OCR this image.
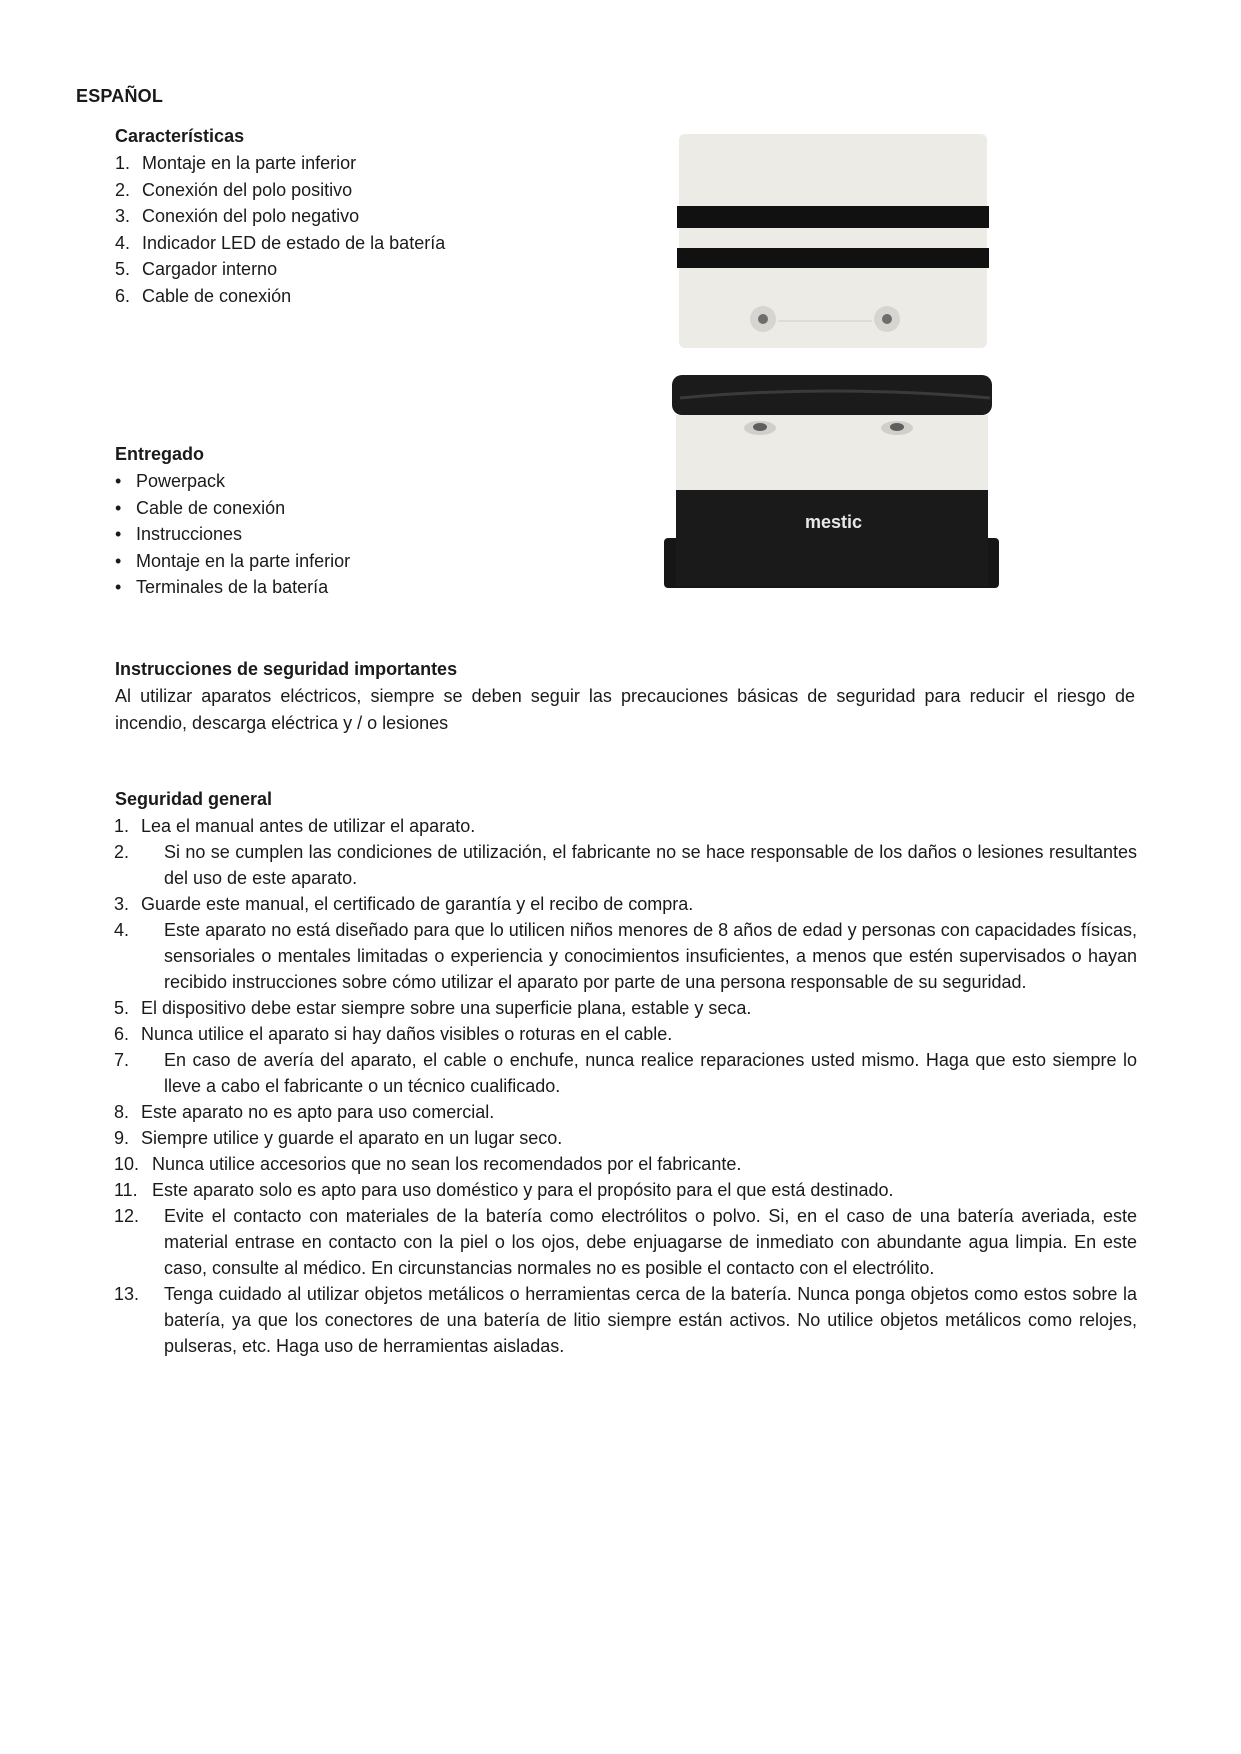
ESPAÑOL
Características
1. Montaje en la parte inferior
2. Conexión del polo positivo
3. Conexión del polo negativo
4. Indicador LED de estado de la batería
5. Cargador interno
6. Cable de conexión
Entregado
• Powerpack
• Cable de conexión
• Instrucciones
• Montaje en la parte inferior
• Terminales de la batería
mestic
Instrucciones de seguridad importantes

Al utilizar aparatos eléctricos, siempre se deben seguir las precauciones básicas de seguridad para reducir el riesgo de incendio, descarga eléctrica y / o lesiones

Seguridad general
1. Lea el manual antes de utilizar el aparato.
2.	Si no se cumplen las condiciones de utilización, el fabricante no se hace responsable de los daños o lesiones resultantes del uso de este aparato.
3. Guarde este manual, el certificado de garantía y el recibo de compra.
4.	Este aparato no está diseñado para que lo utilicen niños menores de 8 años de edad y personas con capacidades físicas, sensoriales o mentales limitadas o experiencia y conocimientos insuficientes, a menos que estén supervisados o hayan recibido instrucciones sobre cómo utilizar el aparato por parte de una persona responsable de su seguridad.
5. El dispositivo debe estar siempre sobre una superficie plana, estable y seca.
6. Nunca utilice el aparato si hay daños visibles o roturas en el cable.
7.	En caso de avería del aparato, el cable o enchufe, nunca realice reparaciones usted mismo. Haga que esto siempre lo lleve a cabo el fabricante o un técnico cualificado.
8. Este aparato no es apto para uso comercial.
9. Siempre utilice y guarde el aparato en un lugar seco.
10. Nunca utilice accesorios que no sean los recomendados por el fabricante.
11. Este aparato solo es apto para uso doméstico y para el propósito para el que está destinado.
12.	Evite el contacto con materiales de la batería como electrólitos o polvo. Si, en el caso de una batería averiada, este material entrase en contacto con la piel o los ojos, debe enjuagarse de inmediato con abundante agua limpia. En este caso, consulte al médico. En circunstancias normales no es posible el contacto con el electrólito.
13.	Tenga cuidado al utilizar objetos metálicos o herramientas cerca de la batería. Nunca ponga objetos como estos sobre la batería, ya que los conectores de una batería de litio siempre están activos. No utilice objetos metálicos como relojes, pulseras, etc. Haga uso de herramientas aisladas.
